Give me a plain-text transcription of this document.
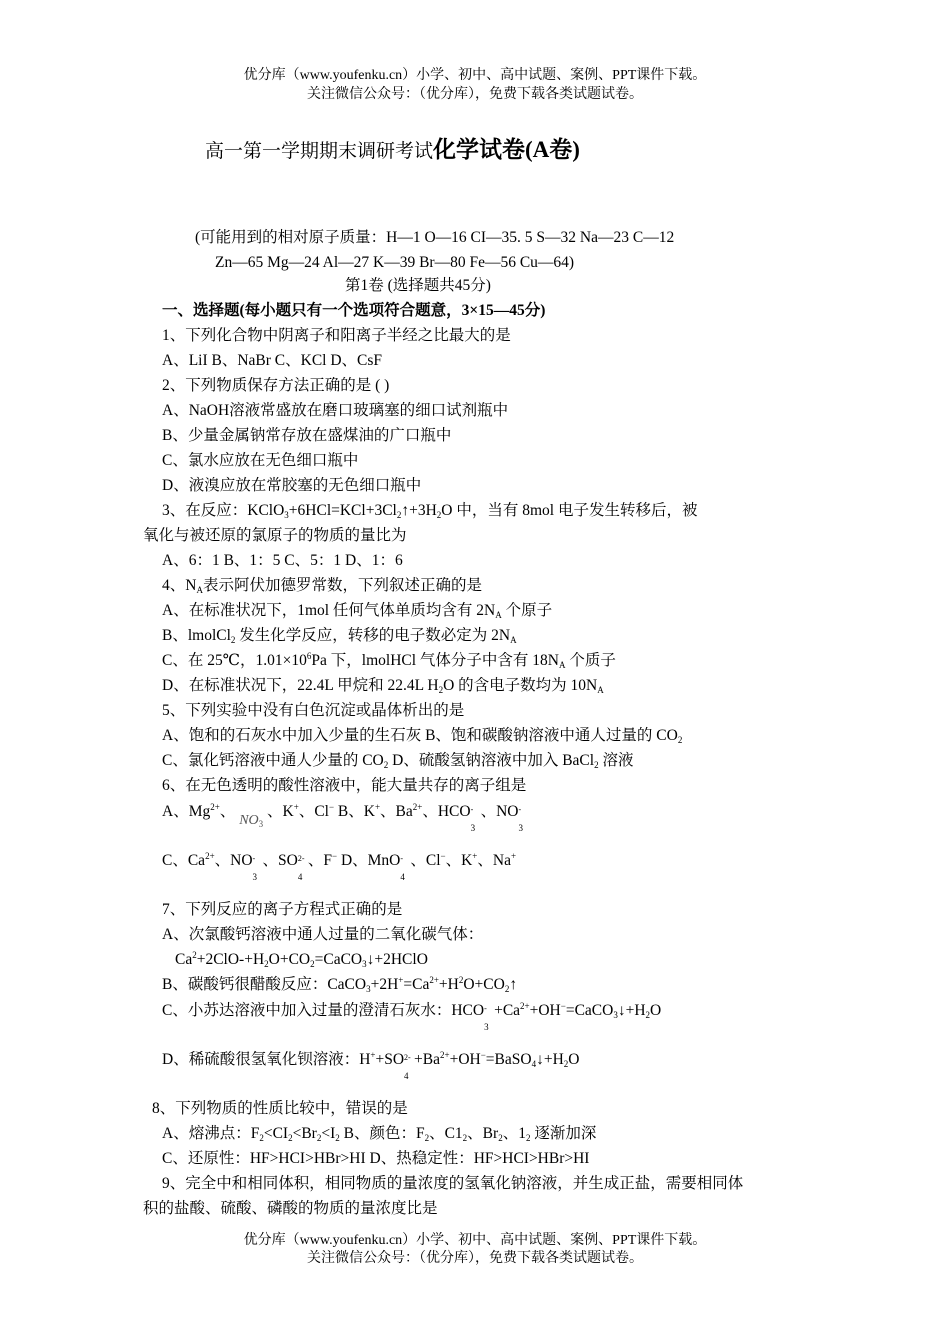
优分库（www.youfenku.cn）小学、初中、高中试题、案例、PPT课件下载。
关注微信公众号：（优分库），免费下载各类试题试卷。
高一第一学期期末调研考试化学试卷(A卷)
(可能用到的相对原子质量：H—1 O—16 CI—35. 5 S—32 Na—23 C—12
Zn—65 Mg—24 Al—27 K—39 Br—80 Fe—56 Cu—64)
第1卷 (选择题共45分)
一、选择题(每小题只有一个选项符合题意，3×15—45分)
1、下列化合物中阴离子和阳离子半经之比最大的是
A、LiI B、NaBr C、KCl D、CsF
2、下列物质保存方法正确的是 ( )
A、NaOH溶液常盛放在磨口玻璃塞的细口试剂瓶中
B、少量金属钠常存放在盛煤油的广口瓶中
C、氯水应放在无色细口瓶中
D、液溴应放在常胶塞的无色细口瓶中
3、在反应：$KClO_3+6HCl=KCl+3Cl_2↑+3H_2O$ 中，当有 8mol 电子发生转移后，被
氧化与被还原的氯原子的物质的量比为
A、6：1 B、1：5 C、5：1 D、1：6
4、$N_A$表示阿伏加德罗常数，下列叙述正确的是
A、在标准状况下，1mol 任何气体单质均含有 $2N_A$ 个原子
B、lmolCl$_2$ 发生化学反应，转移的电子数必定为 $2N_A$
C、在 25℃，$1.01\times 10^6Pa$ 下，lmolHCl 气体分子中含有 $18N_A$ 个质子
D、在标准状况下，22.4L 甲烷和 22.4L $H_2O$ 的含电子数均为 $10N_A$
5、下列实验中没有白色沉淀或晶体析出的是
A、饱和的石灰水中加入少量的生石灰 B、饱和碳酸钠溶液中通人过量的 $CO_2$
C、氯化钙溶液中通人少量的 $CO_2$ D、硫酸氢钠溶液中加入 BaCl$_2$ 溶液
6、在无色透明的酸性溶液中，能大量共存的离子组是
A、$Mg^{2+}$、 $NO_3$ 、K+、Cl− B、K+、$Ba^{2+}$、HCO -
3
、NO -
3
C、$Ca^{2+}$、NO -
3
、SO 2-
4
、F− D、MnO -
4
、Cl−、K+、Na+
7、下列反应的离子方程式正确的是
A、次氯酸钙溶液中通人过量的二氧化碳气体：
$Ca^2+2ClO-+H_2O+CO_2=CaCO_3↓+2HClO$
B、碳酸钙很醋酸反应：$CaCO_3+2H^+=Ca^{2+}+H^2O+CO_2↑$
C、小苏达溶液中加入过量的澄清石灰水：HCO -
3
$+Ca^{2+}+OH^-=CaCO_3↓+H_2O$
D、稀硫酸很氢氧化钡溶液：H++SO 2-
4
$+Ba^{2+}+OH^-=BaSO_4↓+H_2O$
8、下列物质的性质比较中，错误的是
A、熔沸点：$F_2<CI_2<Br_2<I_2$ B、颜色：$F_2$、$C1_2$、$Br_2$、$1_2$ 逐渐加深
C、还原性：HF>HCI>HBr>HI D、热稳定性：HF>HCI>HBr>HI
9、完全中和相同体积，相同物质的量浓度的氢氧化钠溶液，并生成正盐，需要相同体
积的盐酸、硫酸、磷酸的物质的量浓度比是
优分库（www.youfenku.cn）小学、初中、高中试题、案例、PPT课件下载。
关注微信公众号：（优分库），免费下载各类试题试卷。
